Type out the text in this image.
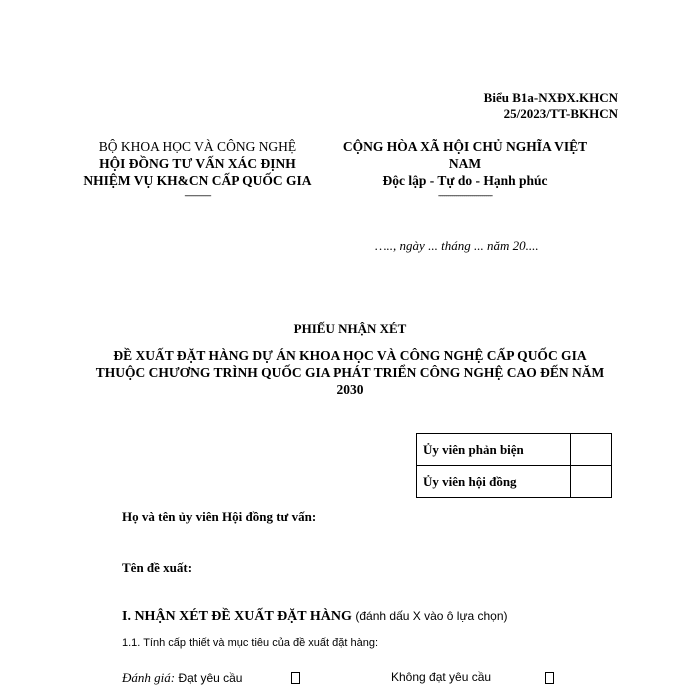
Biểu B1a-NXĐX.KHCN
25/2023/TT-BKHCN
BỘ KHOA HỌC VÀ CÔNG NGHỆ
HỘI ĐỒNG TƯ VẤN XÁC ĐỊNH NHIỆM VỤ KH&CN CẤP QUỐC GIA
-------------
CỘNG HÒA XÃ HỘI CHỦ NGHĨA VIỆT NAM
Độc lập - Tự do - Hạnh phúc
---------------------------
….., ngày ... tháng ... năm 20....
PHIẾU NHẬN XÉT
ĐỀ XUẤT ĐẶT HÀNG DỰ ÁN KHOA HỌC VÀ CÔNG NGHỆ CẤP QUỐC GIA THUỘC CHƯƠNG TRÌNH QUỐC GIA PHÁT TRIỂN CÔNG NGHỆ CAO ĐẾN NĂM 2030
Ủy viên phản biện	
Ủy viên hội đồng	
Họ và tên ủy viên Hội đồng tư vấn:
Tên đề xuất:
I. NHẬN XÉT ĐỀ XUẤT ĐẶT HÀNG (đánh dấu X vào ô lựa chọn)
1.1. Tính cấp thiết và mục tiêu của đề xuất đặt hàng:
Đánh giá: Đạt yêu cầu	Không đạt yêu cầu
